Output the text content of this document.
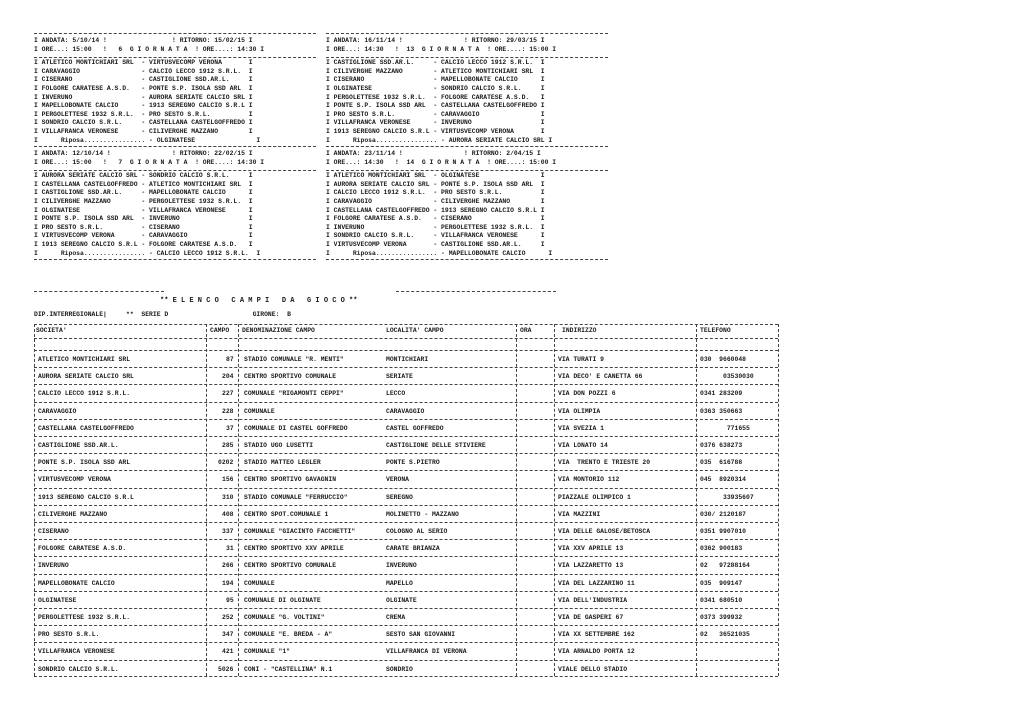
I ANDATA: 5/10/14 !                 ! RITORNO: 15/02/15 I
I ORE...: 15:00   !   6  G I O R N A T A  ! ORE....: 14:30 I
I ATLETICO MONTICHIARI SRL  - VIRTUSVECOMP VERONA       I
I CARAVAGGIO                - CALCIO LECCO 1912 S.R.L.  I
I CISERANO                  - CASTIGLIONE SSD.AR.L.     I
I FOLGORE CARATESE A.S.D.   - PONTE S.P. ISOLA SSD ARL  I
I INVERUNO                  - AURORA SERIATE CALCIO SRL I
I MAPELLOBONATE CALCIO      - 1913 SEREGNO CALCIO S.R.L I
I PERGOLETTESE 1932 S.R.L.  - PRO SESTO S.R.L.          I
I SONDRIO CALCIO S.R.L.     - CASTELLANA CASTELGOFFREDO I
I VILLAFRANCA VERONESE      - CILIVERGHE MAZZANO        I
I      Riposa................ - OLGINATESE                I
I ANDATA: 16/11/14 !                ! RITORNO: 29/03/15 I
I ORE...: 14:30   !  13  G I O R N A T A  ! ORE....: 15:00 I
I CASTIGLIONE SSD.AR.L.     - CALCIO LECCO 1912 S.R.L.  I
I CILIVERGHE MAZZANO        - ATLETICO MONTICHIARI SRL  I
I CISERANO                  - MAPELLOBONATE CALCIO      I
I OLGINATESE                - SONDRIO CALCIO S.R.L.     I
I PERGOLETTESE 1932 S.R.L.  - FOLGORE CARATESE A.S.D.   I
I PONTE S.P. ISOLA SSD ARL  - CASTELLANA CASTELGOFFREDO I
I PRO SESTO S.R.L.          - CARAVAGGIO                I
I VILLAFRANCA VERONESE      - INVERUNO                  I
I 1913 SEREGNO CALCIO S.R.L - VIRTUSVECOMP VERONA       I
I      Riposa................ - AURORA SERIATE CALCIO SRL I
I ANDATA: 12/10/14 !                ! RITORNO: 22/02/15 I
I ORE...: 15:00   !   7  G I O R N A T A  ! ORE....: 14:30 I
I AURORA SERIATE CALCIO SRL - SONDRIO CALCIO S.R.L.     I
I CASTELLANA CASTELGOFFREDO - ATLETICO MONTICHIARI SRL  I
I CASTIGLIONE SSD.AR.L.     - MAPELLOBONATE CALCIO      I
I CILIVERGHE MAZZANO        - PERGOLETTESE 1932 S.R.L.  I
I OLGINATESE                - VILLAFRANCA VERONESE      I
I PONTE S.P. ISOLA SSD ARL  - INVERUNO                  I
I PRO SESTO S.R.L.          - CISERANO                  I
I VIRTUSVECOMP VERONA       - CARAVAGGIO                I
I 1913 SEREGNO CALCIO S.R.L - FOLGORE CARATESE A.S.D.   I
I      Riposa................ - CALCIO LECCO 1912 S.R.L.  I
I ANDATA: 23/11/14 !                ! RITORNO: 2/04/15 I
I ORE...: 14:30   !  14  G I O R N A T A  ! ORE....: 15:00 I
I ATLETICO MONTICHIARI SRL  - OLGINATESE                I
I AURORA SERIATE CALCIO SRL - PONTE S.P. ISOLA SSD ARL  I
I CALCIO LECCO 1912 S.R.L.  - PRO SESTO S.R.L.          I
I CARAVAGGIO                - CILIVERGHE MAZZANO        I
I CASTELLANA CASTELGOFFREDO - 1913 SEREGNO CALCIO S.R.L I
I FOLGORE CARATESE A.S.D.   - CISERANO                  I
I INVERUNO                  - PERGOLETTESE 1932 S.R.L.  I
I SONDRIO CALCIO S.R.L.     - VILLAFRANCA VERONESE      I
I VIRTUSVECOMP VERONA       - CASTIGLIONE SSD.AR.L.     I
I      Riposa................ - MAPELLOBONATE CALCIO      I
** E L E N C O   C A M P I   D A   G I O C O **
DIP.INTERREGIONALE|     **  SERIE D                      GIRONE:  B
SOCIETA'	CAMPO DENOMINAZIONE CAMPO	LOCALITA' CAMPO	ORA	INDIRIZZO	TELEFONO
ATLETICO MONTICHIARI SRL	87 STADIO COMUNALE "R. MENTI"	MONTICHIARI	VIA TURATI 9	030  9660048
AURORA SERIATE CALCIO SRL	204 CENTRO SPORTIVO COMUNALE	SERIATE	VIA DECO' E CANETTA 66	03530030
CALCIO LECCO 1912 S.R.L.	227 COMUNALE "RIGAMONTI CEPPI"	LECCO	VIA DON POZZI 6	0341 283209
CARAVAGGIO	228 COMUNALE	CARAVAGGIO	VIA OLIMPIA	0363 350663
CASTELLANA CASTELGOFFREDO	37 COMUNALE DI CASTEL GOFFREDO	CASTEL GOFFREDO	VIA SVEZIA 1	771655
CASTIGLIONE SSD.AR.L.	285 STADIO UGO LUSETTI	CASTIGLIONE DELLE STIVIERE	VIA LONATO 14	0376 638273
PONTE S.P. ISOLA SSD ARL	0202 STADIO MATTEO LEGLER	PONTE S.PIETRO	VIA  TRENTO E TRIESTE 20	035  616788
VIRTUSVECOMP VERONA	156 CENTRO SPORTIVO GAVAGNIN	VERONA	VIA MONTORIO 112	045  8920314
1913 SEREGNO CALCIO S.R.L	310 STADIO COMUNALE "FERRUCCIO"	SEREGNO	PIAZZALE OLIMPICO 1	33935607
CILIVERGHE MAZZANO	408 CENTRO SPOT.COMUNALE 1	MOLINETTO - MAZZANO	VIA MAZZINI	030/ 2120187
CISERANO	337 COMUNALE "GIACINTO FACCHETTI"	COLOGNO AL SERIO	VIA DELLE GALOSE/BETOSCA	0351 9907010
FOLGORE CARATESE A.S.D.	31 CENTRO SPORTIVO XXV APRILE	CARATE BRIANZA	VIA XXV APRILE 13	0362 900183
INVERUNO	266 CENTRO SPORTIVO COMUNALE	INVERUNO	VIA LAZZARETTO 13	02   97288164
MAPELLOBONATE CALCIO	194 COMUNALE	MAPELLO	VIA DEL LAZZARINO 11	035  909147
OLGINATESE	95 COMUNALE DI OLGINATE	OLGINATE	VIA DELL'INDUSTRIA	0341 680510
PERGOLETTESE 1932 S.R.L.	252 COMUNALE "G. VOLTINI"	CREMA	VIA DE GASPERI 67	0373 399932
PRO SESTO S.R.L.	347 COMUNALE "E. BREDA - A"	SESTO SAN GIOVANNI	VIA XX SETTEMBRE 162	02   36521035
VILLAFRANCA VERONESE	421 COMUNALE "1"	VILLAFRANCA DI VERONA	VIA ARNALDO PORTA 12
SONDRIO CALCIO S.R.L.	5026 CONI - "CASTELLINA" N.1	SONDRIO	VIALE DELLO STADIO
